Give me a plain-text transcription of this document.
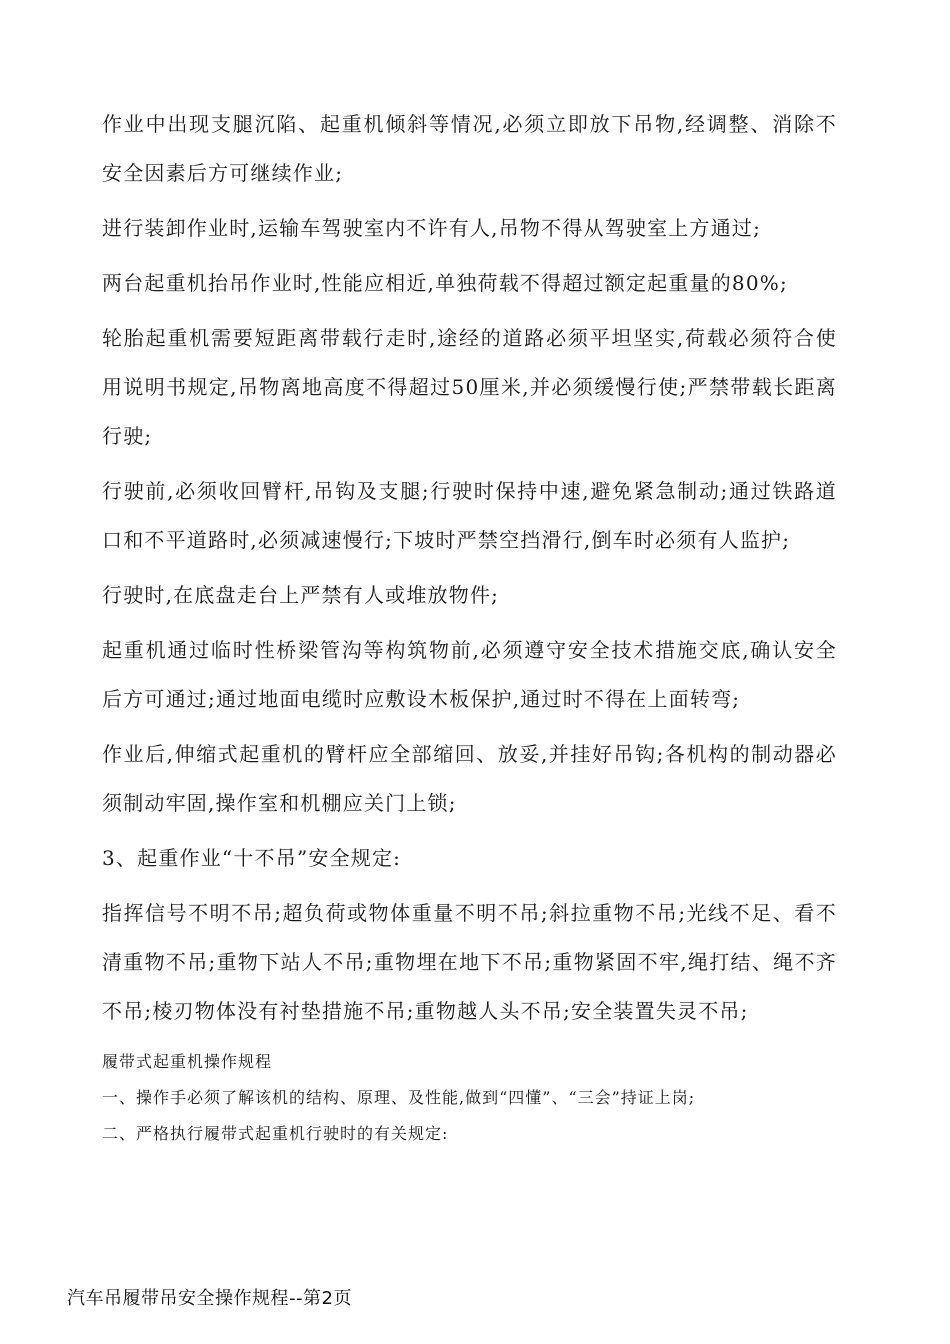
作业中出现支腿沉陷、起重机倾斜等情况,必须立即放下吊物,经调整、消除不安全因素后方可继续作业;

进行装卸作业时,运输车驾驶室内不许有人,吊物不得从驾驶室上方通过;

两台起重机抬吊作业时,性能应相近,单独荷载不得超过额定起重量的80%;

轮胎起重机需要短距离带载行走时,途经的道路必须平坦坚实,荷载必须符合使用说明书规定,吊物离地高度不得超过50厘米,并必须缓慢行使;严禁带载长距离行驶;

行驶前,必须收回臂杆,吊钩及支腿;行驶时保持中速,避免紧急制动;通过铁路道口和不平道路时,必须减速慢行;下坡时严禁空挡滑行,倒车时必须有人监护;

行驶时,在底盘走台上严禁有人或堆放物件;

起重机通过临时性桥梁管沟等构筑物前,必须遵守安全技术措施交底,确认安全后方可通过;通过地面电缆时应敷设木板保护,通过时不得在上面转弯;

作业后,伸缩式起重机的臂杆应全部缩回、放妥,并挂好吊钩;各机构的制动器必须制动牢固,操作室和机棚应关门上锁;

3、起重作业“十不吊”安全规定:

指挥信号不明不吊;超负荷或物体重量不明不吊;斜拉重物不吊;光线不足、看不清重物不吊;重物下站人不吊;重物埋在地下不吊;重物紧固不牢,绳打结、绳不齐不吊;棱刃物体没有衬垫措施不吊;重物越人头不吊;安全装置失灵不吊;

履带式起重机操作规程

一、操作手必须了解该机的结构、原理、及性能,做到“四懂”、“三会”持证上岗;

二、严格执行履带式起重机行驶时的有关规定:

汽车吊履带吊安全操作规程--第2页
